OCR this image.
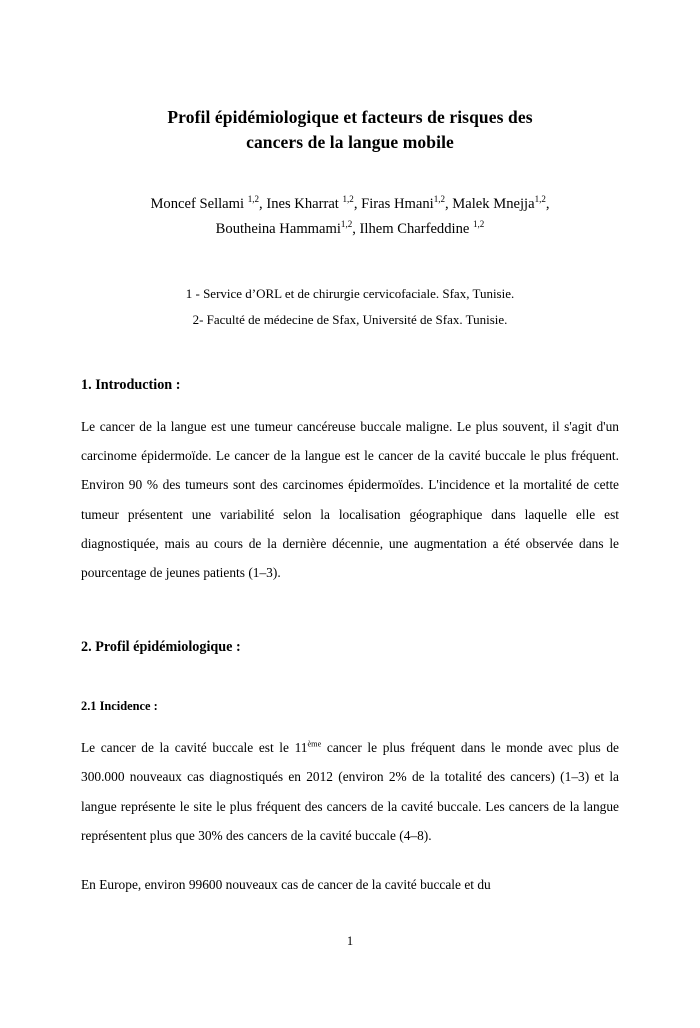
Profil épidémiologique et facteurs de risques des
cancers de la langue mobile
Moncef Sellami $^{1,2}$, Ines Kharrat $^{1,2}$, Firas Hmani$^{1,2}$, Malek Mnejja$^{1,2}$,
Boutheina Hammami$^{1,2}$, Ilhem Charfeddine $^{1,2}$
1 - Service d’ORL et de chirurgie cervicofaciale. Sfax, Tunisie.
2- Faculté de médecine de Sfax, Université de Sfax. Tunisie.
1. Introduction :

Le cancer de la langue est une tumeur cancéreuse buccale maligne. Le plus souvent, il s'agit d'un carcinome épidermoïde. Le cancer de la langue est le cancer de la cavité buccale le plus fréquent. Environ 90 % des tumeurs sont des carcinomes épidermoïdes. L'incidence et la mortalité de cette tumeur présentent une variabilité selon la localisation géographique dans laquelle elle est diagnostiquée, mais au cours de la dernière décennie, une augmentation a été observée dans le pourcentage de jeunes patients (1–3).

2. Profil épidémiologique :
2.1 Incidence :

Le cancer de la cavité buccale est le 11ème cancer le plus fréquent dans le monde avec plus de 300.000 nouveaux cas diagnostiqués en 2012 (environ 2% de la totalité des cancers) (1–3) et la langue représente le site le plus fréquent des cancers de la cavité buccale. Les cancers de la langue représentent plus que 30% des cancers de la cavité buccale (4–8).

En Europe, environ 99600 nouveaux cas de cancer de la cavité buccale et du

1
